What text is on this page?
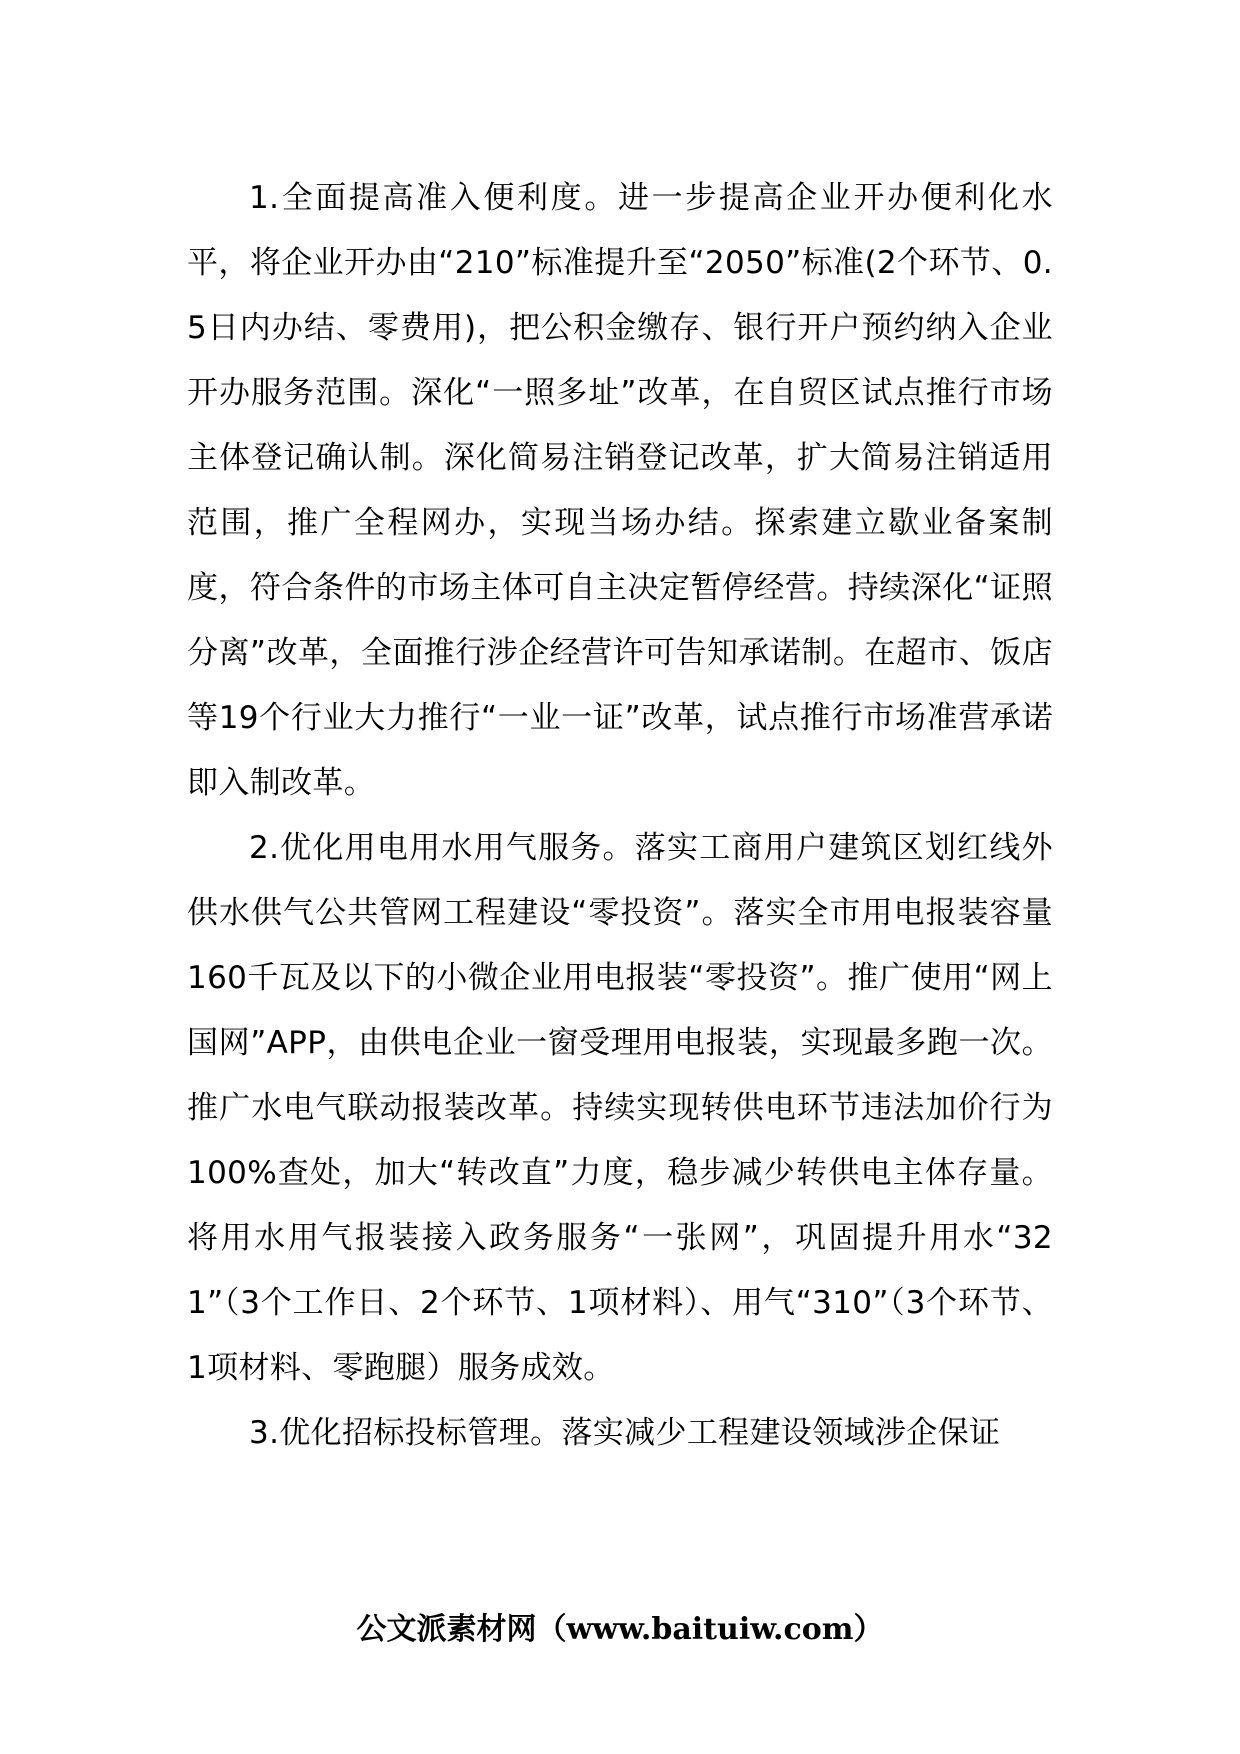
1.全面提高准入便利度。进一步提高企业开办便利化水平，将企业开办由“210”标准提升至“2050”标准(2个环节、0.5日内办结、零费用)，把公积金缴存、银行开户预约纳入企业开办服务范围。深化“一照多址”改革，在自贸区试点推行市场主体登记确认制。深化简易注销登记改革，扩大简易注销适用范围，推广全程网办，实现当场办结。探索建立歇业备案制度，符合条件的市场主体可自主决定暂停经营。持续深化“证照分离”改革，全面推行涉企经营许可告知承诺制。在超市、饭店等19个行业大力推行“一业一证”改革，试点推行市场准营承诺即入制改革。

2.优化用电用水用气服务。落实工商用户建筑区划红线外供水供气公共管网工程建设“零投资”。落实全市用电报装容量160千瓦及以下的小微企业用电报装“零投资”。推广使用“网上国网”APP，由供电企业一窗受理用电报装，实现最多跑一次。推广水电气联动报装改革。持续实现转供电环节违法加价行为100%查处，加大“转改直”力度，稳步减少转供电主体存量。将用水用气报装接入政务服务“一张网”，巩固提升用水“321”（3个工作日、2个环节、1项材料）、用气“310”（3个环节、1项材料、零跑腿）服务成效。

3.优化招标投标管理。落实减少工程建设领域涉企保证

公文派素材网（www.baituiw.com）
